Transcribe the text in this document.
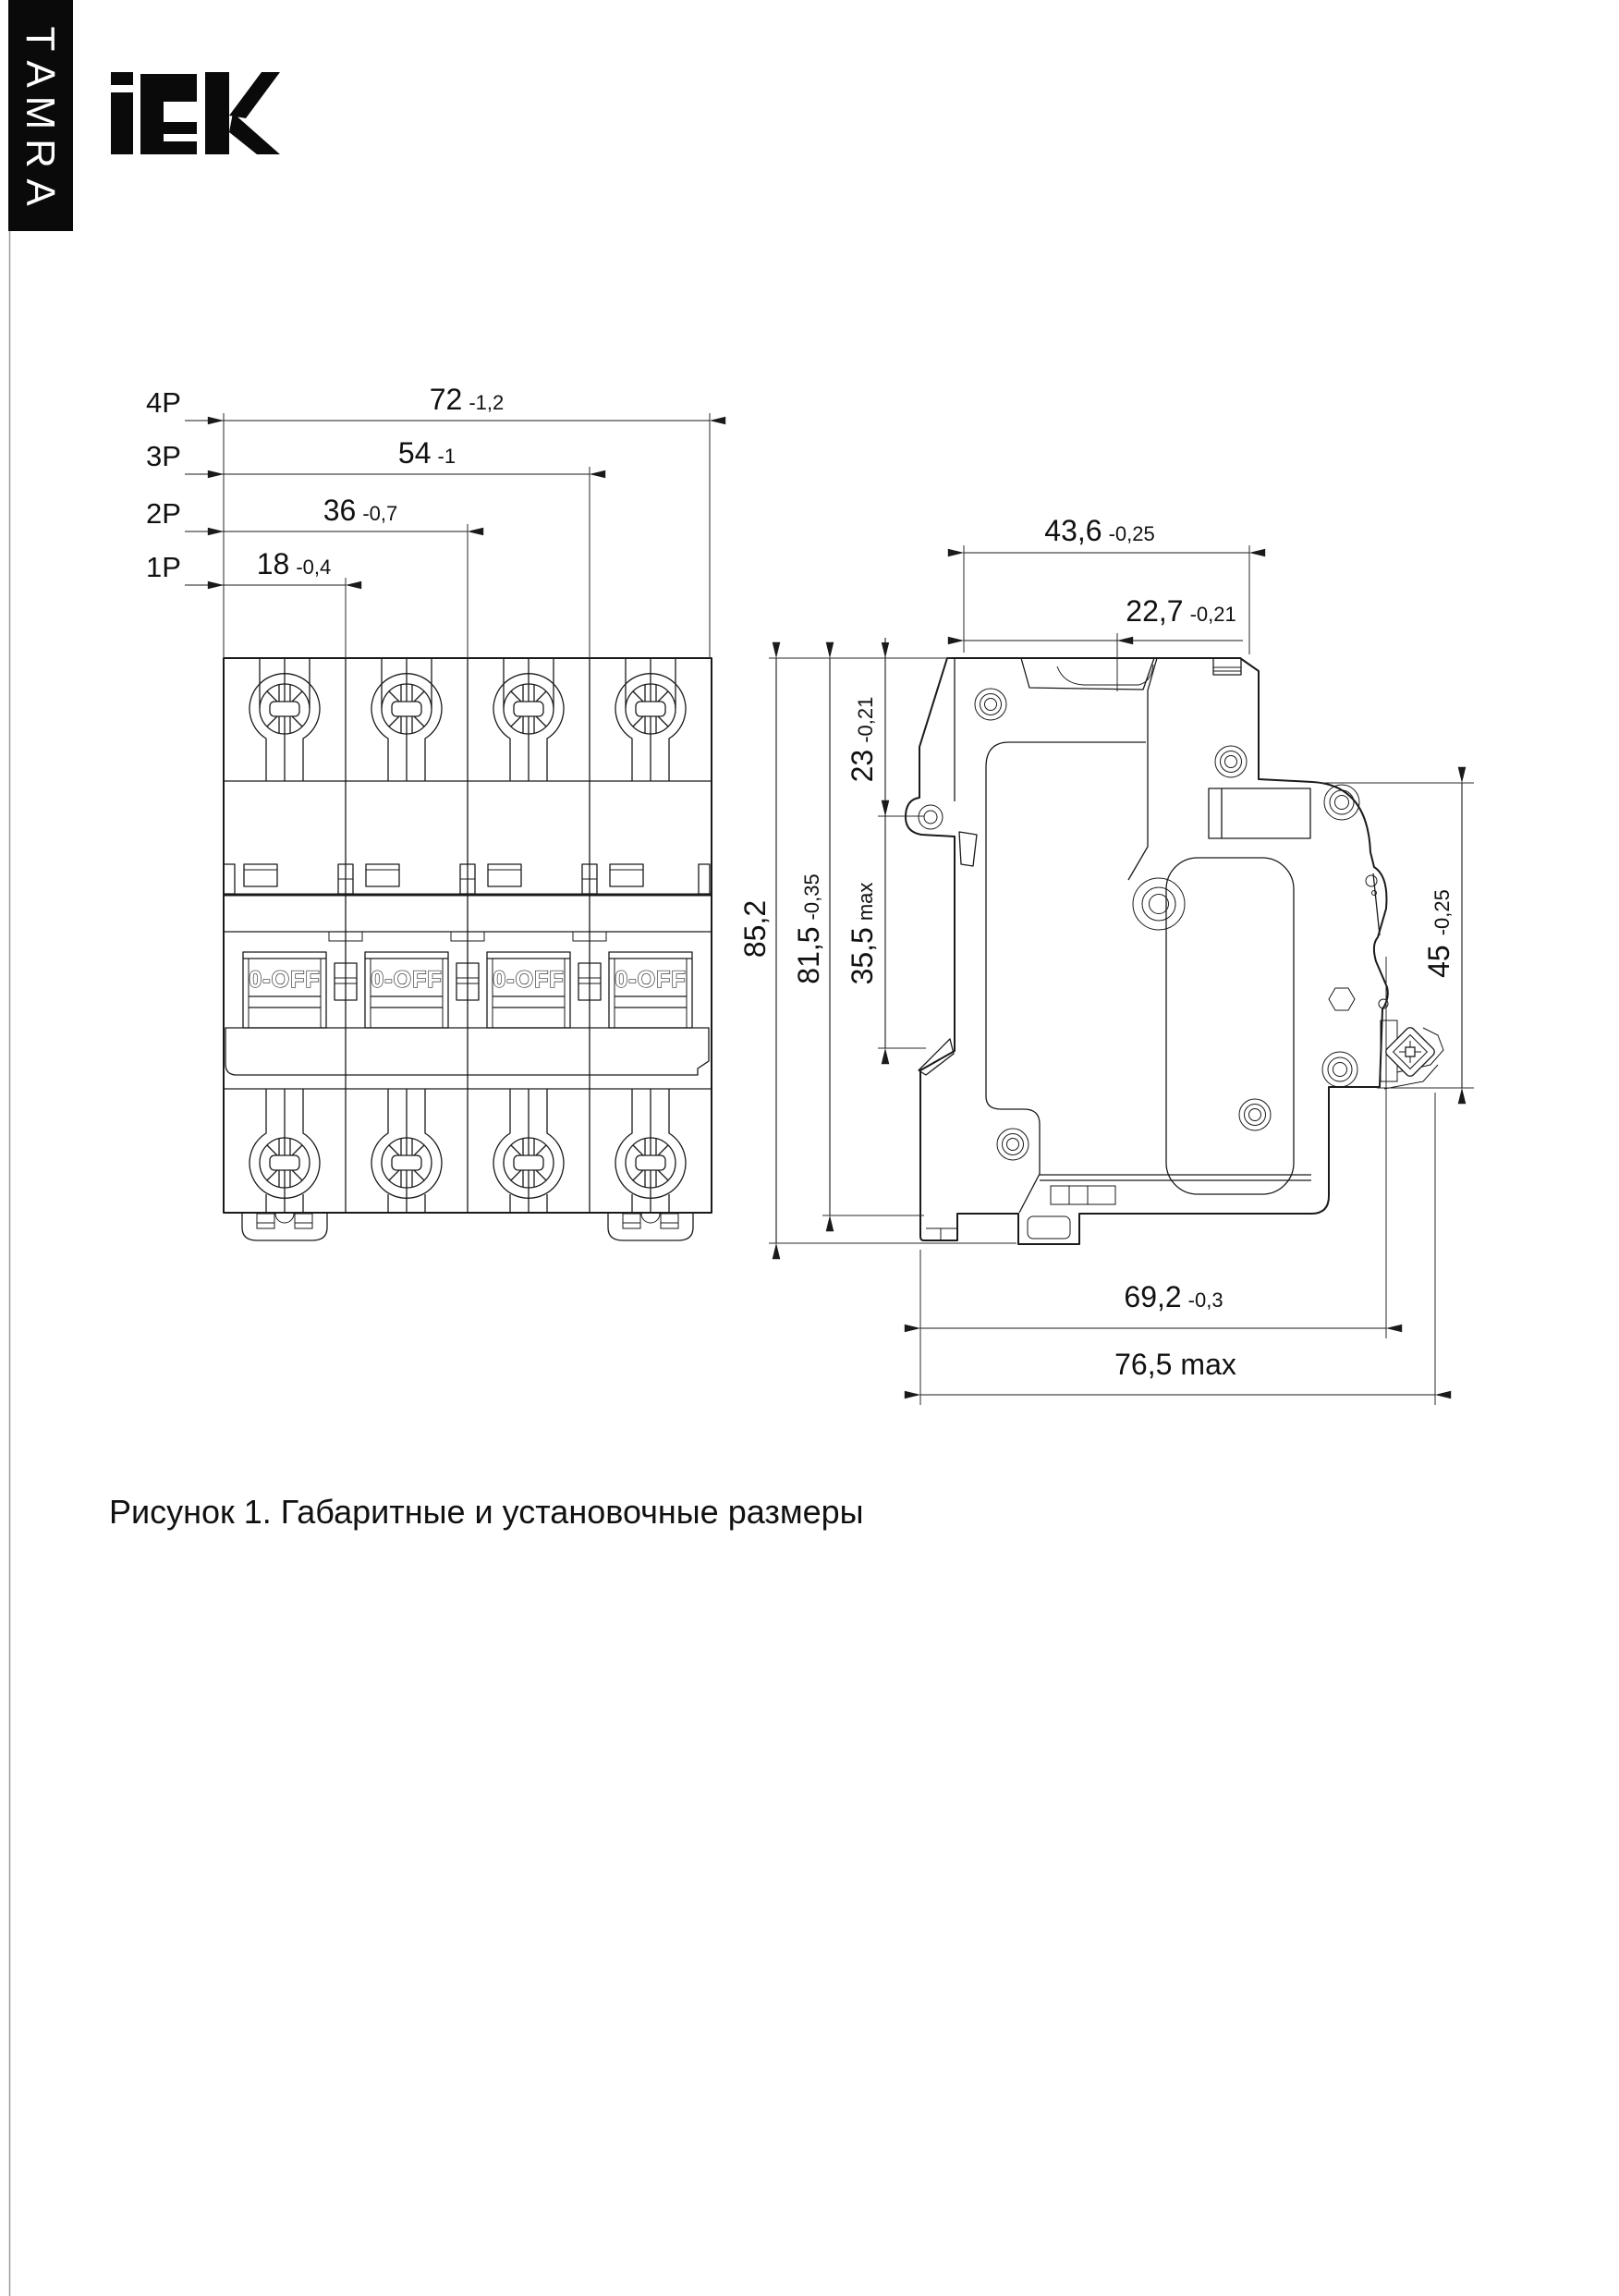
T
A
M
R
A
0-OFF 0-OFF 0-OFF 0-OFF
4P	72 -1,2
3P	54 -1
2P	36 -0,7
1P	18 -0,4
43,6 -0,25
22,7 -0,21
85,2 81,5-0,35
23-0,21
35,5max
45-0,25
69,2 -0,3
76,5 max
Рисунок 1. Габаритные и установочные размеры
